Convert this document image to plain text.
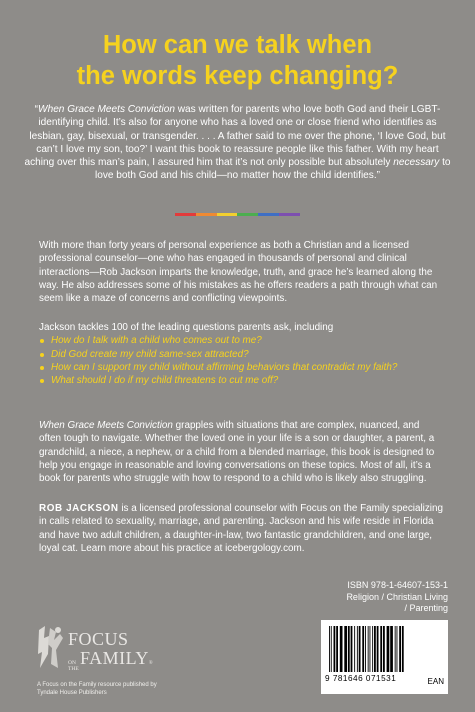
How can we talk when
the words keep changing?

“When Grace Meets Conviction was written for parents who love both God and their LGBT-identifying child. It’s also for anyone who has a loved one or close friend who identifies as lesbian, gay, bisexual, or transgender. . . . A father said to me over the phone, ‘I love God, but can’t I love my son, too?’ I want this book to reassure people like this father. With my heart aching over this man’s pain, I assured him that it’s not only possible but absolutely necessary to love both God and his child—no matter how the child identifies.”

With more than forty years of personal experience as both a Christian and a licensed professional counselor—one who has engaged in thousands of personal and clinical interactions—Rob Jackson imparts the knowledge, truth, and grace he’s learned along the way. He also addresses some of his mistakes as he offers readers a path through what can seem like a maze of concerns and conflicting viewpoints.

Jackson tackles 100 of the leading questions parents ask, including

How do I talk with a child who comes out to me?
Did God create my child same-sex attracted?
How can I support my child without affirming behaviors that contradict my faith?
What should I do if my child threatens to cut me off?

When Grace Meets Conviction grapples with situations that are complex, nuanced, and often tough to navigate. Whether the loved one in your life is a son or daughter, a parent, a grandchild, a niece, a nephew, or a child from a blended marriage, this book is designed to help you engage in reasonable and loving conversations on these topics. Most of all, it’s a book for parents who struggle with how to respond to a child who is likely also struggling.

ROB JACKSON is a licensed professional counselor with Focus on the Family specializing in calls related to sexuality, marriage, and parenting. Jackson and his wife reside in Florida and have two adult children, a daughter-in-law, two fantastic grandchildren, and one large, loyal cat. Learn more about his practice at icebergology.com.

ISBN 978-1-64607-153-1
Religion / Christian Living
/ Parenting
FOCUS
ON THE
FAMILY ®
A Focus on the Family resource published by
Tyndale House Publishers
9 781646 071531	EAN
